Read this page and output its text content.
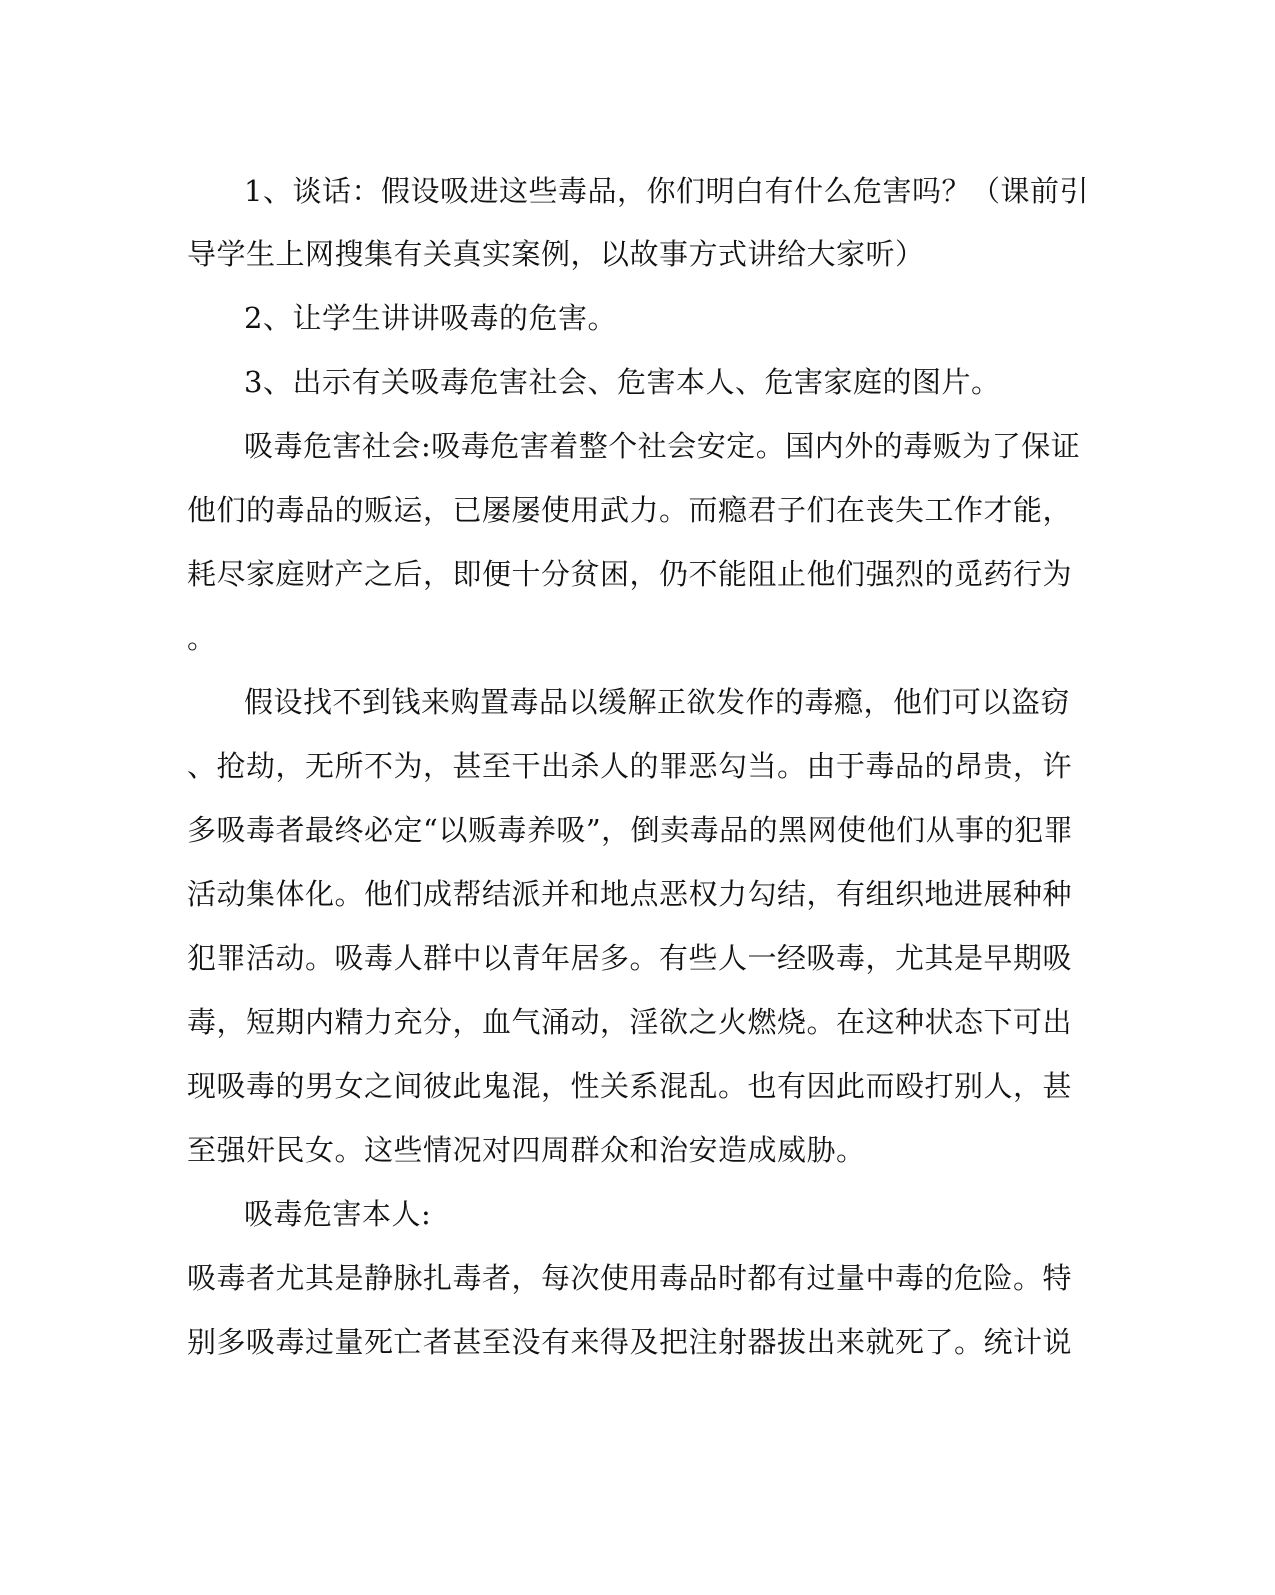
1、谈话：假设吸进这些毒品，你们明白有什么危害吗？（课前引
导学生上网搜集有关真实案例，以故事方式讲给大家听）
2、让学生讲讲吸毒的危害。
3、出示有关吸毒危害社会、危害本人、危害家庭的图片。
吸毒危害社会:吸毒危害着整个社会安定。国内外的毒贩为了保证
他们的毒品的贩运，已屡屡使用武力。而瘾君子们在丧失工作才能，
耗尽家庭财产之后，即便十分贫困，仍不能阻止他们强烈的觅药行为
。
假设找不到钱来购置毒品以缓解正欲发作的毒瘾，他们可以盗窃
、抢劫，无所不为，甚至干出杀人的罪恶勾当。由于毒品的昂贵，许
多吸毒者最终必定“以贩毒养吸”，倒卖毒品的黑网使他们从事的犯罪
活动集体化。他们成帮结派并和地点恶权力勾结，有组织地进展种种
犯罪活动。吸毒人群中以青年居多。有些人一经吸毒，尤其是早期吸
毒，短期内精力充分，血气涌动，淫欲之火燃烧。在这种状态下可出
现吸毒的男女之间彼此鬼混，性关系混乱。也有因此而殴打别人，甚
至强奸民女。这些情况对四周群众和治安造成威胁。
吸毒危害本人:
吸毒者尤其是静脉扎毒者，每次使用毒品时都有过量中毒的危险。特
别多吸毒过量死亡者甚至没有来得及把注射器拔出来就死了。统计说
